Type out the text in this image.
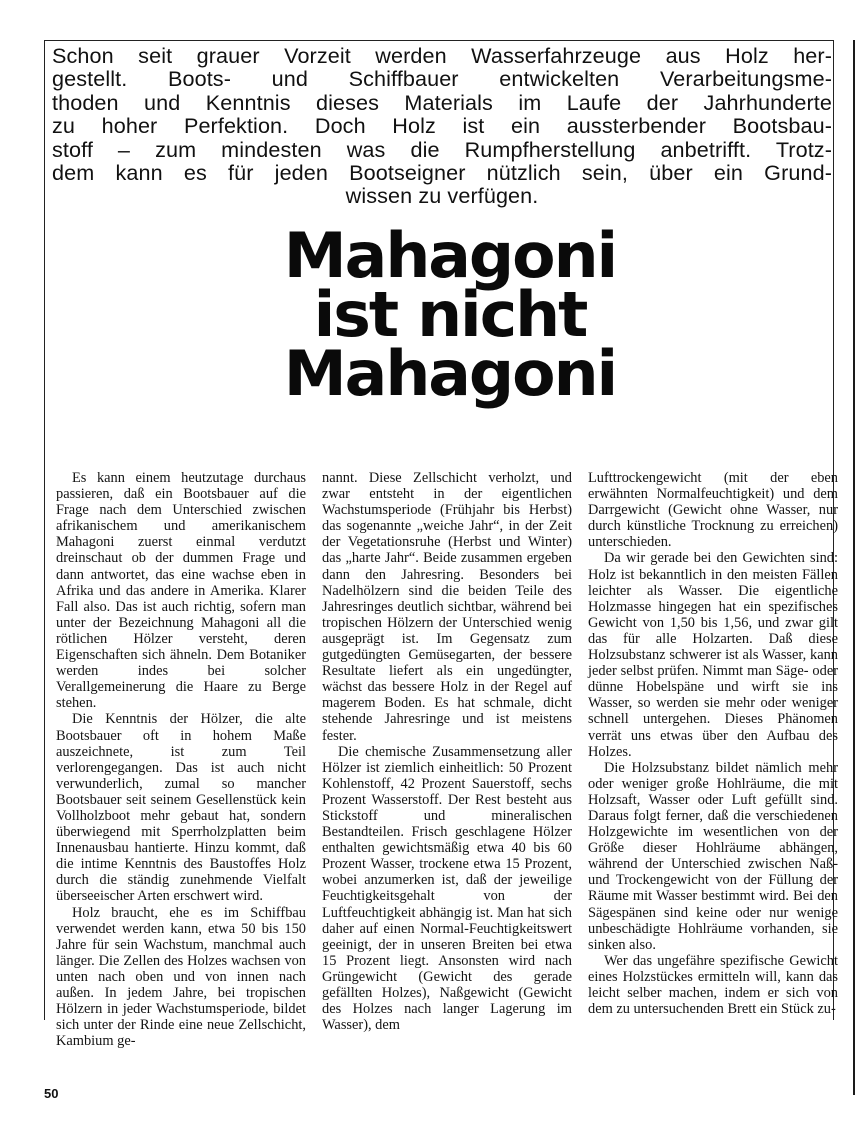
Schon seit grauer Vorzeit werden Wasserfahrzeuge aus Holz her-
gestellt. Boots- und Schiffbauer entwickelten Verarbeitungsme-
thoden und Kenntnis dieses Materials im Laufe der Jahrhunderte
zu hoher Perfektion. Doch Holz ist ein aussterbender Bootsbau-
stoff – zum mindesten was die Rumpfherstellung anbetrifft. Trotz-
dem kann es für jeden Bootseigner nützlich sein, über ein Grund-
wissen zu verfügen.

Mahagoni
ist nicht
Mahagoni

Es kann einem heutzutage durchaus passieren, daß ein Bootsbauer auf die Frage nach dem Unterschied zwischen afrikanischem und amerikanischem Mahagoni zuerst einmal verdutzt dreinschaut ob der dummen Frage und dann antwortet, das eine wachse eben in Afrika und das andere in Amerika. Klarer Fall also. Das ist auch richtig, sofern man unter der Bezeichnung Mahagoni all die rötlichen Hölzer versteht, deren Eigenschaften sich ähneln. Dem Botaniker werden indes bei solcher Verallgemeinerung die Haare zu Berge stehen.

Die Kenntnis der Hölzer, die alte Bootsbauer oft in hohem Maße auszeichnete, ist zum Teil verlorengegangen. Das ist auch nicht verwunderlich, zumal so mancher Bootsbauer seit seinem Gesellenstück kein Vollholzboot mehr gebaut hat, sondern überwiegend mit Sperrholzplatten beim Innenausbau hantierte. Hinzu kommt, daß die intime Kenntnis des Baustoffes Holz durch die ständig zunehmende Vielfalt überseeischer Arten erschwert wird.

Holz braucht, ehe es im Schiffbau verwendet werden kann, etwa 50 bis 150 Jahre für sein Wachstum, manchmal auch länger. Die Zellen des Holzes wachsen von unten nach oben und von innen nach außen. In jedem Jahre, bei tropischen Hölzern in jeder Wachstumsperiode, bildet sich unter der Rinde eine neue Zellschicht, Kambium ge-

nannt. Diese Zellschicht verholzt, und zwar entsteht in der eigentlichen Wachstumsperiode (Frühjahr bis Herbst) das sogenannte „weiche Jahr“, in der Zeit der Vegetationsruhe (Herbst und Winter) das „harte Jahr“. Beide zusammen ergeben dann den Jahresring. Besonders bei Nadelhölzern sind die beiden Teile des Jahresringes deutlich sichtbar, während bei tropischen Hölzern der Unterschied wenig ausgeprägt ist. Im Gegensatz zum gutgedüngten Gemüsegarten, der bessere Resultate liefert als ein ungedüngter, wächst das bessere Holz in der Regel auf magerem Boden. Es hat schmale, dicht stehende Jahresringe und ist meistens fester.

Die chemische Zusammensetzung aller Hölzer ist ziemlich einheitlich: 50 Prozent Kohlenstoff, 42 Prozent Sauerstoff, sechs Prozent Wasserstoff. Der Rest besteht aus Stickstoff und mineralischen Bestandteilen. Frisch geschlagene Hölzer enthalten gewichtsmäßig etwa 40 bis 60 Prozent Wasser, trockene etwa 15 Prozent, wobei anzumerken ist, daß der jeweilige Feuchtigkeitsgehalt von der Luftfeuchtigkeit abhängig ist. Man hat sich daher auf einen Normal-Feuchtigkeitswert geeinigt, der in unseren Breiten bei etwa 15 Prozent liegt. Ansonsten wird nach Grüngewicht (Gewicht des gerade gefällten Holzes), Naßgewicht (Gewicht des Holzes nach langer Lagerung im Wasser), dem

Lufttrockengewicht (mit der eben erwähnten Normalfeuchtigkeit) und dem Darrgewicht (Gewicht ohne Wasser, nur durch künstliche Trocknung zu erreichen) unterschieden.

Da wir gerade bei den Gewichten sind: Holz ist bekanntlich in den meisten Fällen leichter als Wasser. Die eigentliche Holzmasse hingegen hat ein spezifisches Gewicht von 1,50 bis 1,56, und zwar gilt das für alle Holzarten. Daß diese Holzsubstanz schwerer ist als Wasser, kann jeder selbst prüfen. Nimmt man Säge- oder dünne Hobelspäne und wirft sie ins Wasser, so werden sie mehr oder weniger schnell untergehen. Dieses Phänomen verrät uns etwas über den Aufbau des Holzes.

Die Holzsubstanz bildet nämlich mehr oder weniger große Hohlräume, die mit Holzsaft, Wasser oder Luft gefüllt sind. Daraus folgt ferner, daß die verschiedenen Holzgewichte im wesentlichen von der Größe dieser Hohlräume abhängen, während der Unterschied zwischen Naß- und Trockengewicht von der Füllung der Räume mit Wasser bestimmt wird. Bei den Sägespänen sind keine oder nur wenige unbeschädigte Hohlräume vorhanden, sie sinken also.

Wer das ungefähre spezifische Gewicht eines Holzstückes ermitteln will, kann das leicht selber machen, indem er sich von dem zu untersuchenden Brett ein Stück zu-

50
